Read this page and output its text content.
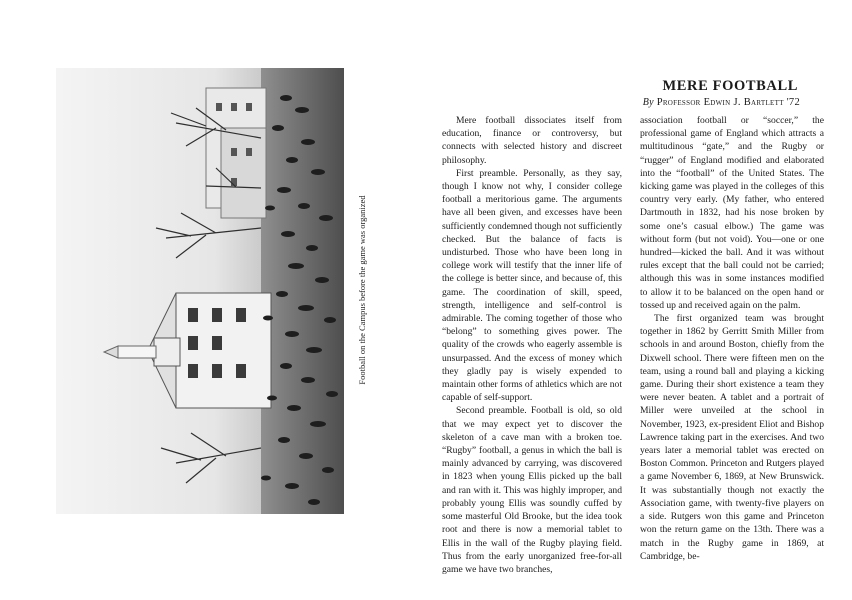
Football on the Campus before the game was organized
MERE FOOTBALL
By Professor Edwin J. Bartlett '72

Mere football dissociates itself from education, finance or controversy, but connects with selected history and discreet philosophy.

First preamble. Personally, as they say, though I know not why, I consider college football a meritorious game. The arguments have all been given, and excesses have been sufficiently condemned though not sufficiently checked. But the balance of facts is undisturbed. Those who have been long in college work will testify that the inner life of the college is better since, and because of, this game. The coordination of skill, speed, strength, intelligence and self-control is admirable. The coming together of those who “belong” to something gives power. The quality of the crowds who eagerly assemble is unsurpassed. And the excess of money which they gladly pay is wisely expended to maintain other forms of athletics which are not capable of self-support.

Second preamble. Football is old, so old that we may expect yet to discover the skeleton of a cave man with a broken toe. “Rugby” football, a genus in which the ball is mainly advanced by carrying, was discovered in 1823 when young Ellis picked up the ball and ran with it. This was highly improper, and probably young Ellis was soundly cuffed by some masterful Old Brooke, but the idea took root and there is now a memorial tablet to Ellis in the wall of the Rugby playing field. Thus from the early unorganized free-for-all game we have two branches,

association football or “soccer,” the professional game of England which attracts a multitudinous “gate,” and the Rugby or “rugger” of England modified and elaborated into the “football” of the United States. The kicking game was played in the colleges of this country very early. (My father, who entered Dartmouth in 1832, had his nose broken by some one’s casual elbow.) The game was without form (but not void). You—one or one hundred—kicked the ball. And it was without rules except that the ball could not be carried; although this was in some instances modified to allow it to be balanced on the open hand or tossed up and received again on the palm.

The first organized team was brought together in 1862 by Gerritt Smith Miller from schools in and around Boston, chiefly from the Dixwell school. There were fifteen men on the team, using a round ball and playing a kicking game. During their short existence a team they were never beaten. A tablet and a portrait of Miller were unveiled at the school in November, 1923, ex-president Eliot and Bishop Lawrence taking part in the exercises. And two years later a memorial tablet was erected on Boston Common. Princeton and Rutgers played a game November 6, 1869, at New Brunswick. It was substantially though not exactly the Association game, with twenty-five players on a side. Rutgers won this game and Princeton won the return game on the 13th. There was a match in the Rugby game in 1869, at Cambridge, be-
